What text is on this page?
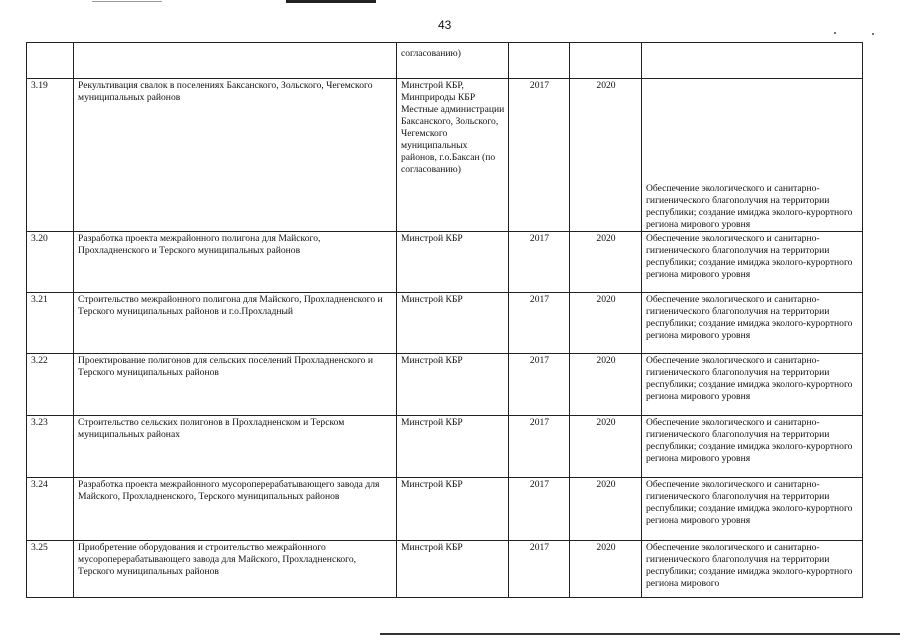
43

		согласованию)			

3.19	Рекультивация свалок в поселениях Баксанского, Зольского, Чегемского муниципальных районов	Минстрой КБР, Минприроды КБР Местные администрации Баксанского, Зольского, Чегемского муниципальных районов, г.о.Баксан (по согласованию)	2017	2020	Обеспечение экологического и санитарно-гигиенического благополучия на территории республики; создание имиджа эколого-курортного региона мирового уровня
3.20	Разработка проекта межрайонного полигона для Майского, Прохладненского и Терского муниципальных районов	Минстрой КБР	2017	2020	Обеспечение экологического и санитарно-гигиенического благополучия на территории республики; создание имиджа эколого-курортного региона мирового уровня
3.21	Строительство межрайонного полигона для Майского, Прохладненского и Терского муниципальных районов и г.о.Прохладный	Минстрой КБР	2017	2020	Обеспечение экологического и санитарно-гигиенического благополучия на территории республики; создание имиджа эколого-курортного региона мирового уровня
3.22	Проектирование полигонов для сельских поселений Прохладненского и Терского муниципальных районов	Минстрой КБР	2017	2020	Обеспечение экологического и санитарно-гигиенического благополучия на территории республики; создание имиджа эколого-курортного региона мирового уровня
3.23	Строительство сельских полигонов в Прохладненском и Терском муниципальных районах	Минстрой КБР	2017	2020	Обеспечение экологического и санитарно-гигиенического благополучия на территории республики; создание имиджа эколого-курортного региона мирового уровня
3.24	Разработка проекта межрайонного мусороперерабатывающего завода для Майского, Прохладненского, Терского муниципальных районов	Минстрой КБР	2017	2020	Обеспечение экологического и санитарно-гигиенического благополучия на территории республики; создание имиджа эколого-курортного региона мирового уровня
3.25	Приобретение оборудования и строительство межрайонного мусороперерабатывающего завода для Майского, Прохладненского, Терского муниципальных районов	Минстрой КБР	2017	2020	Обеспечение экологического и санитарно-гигиенического благополучия на территории республики; создание имиджа эколого-курортного региона мирового
